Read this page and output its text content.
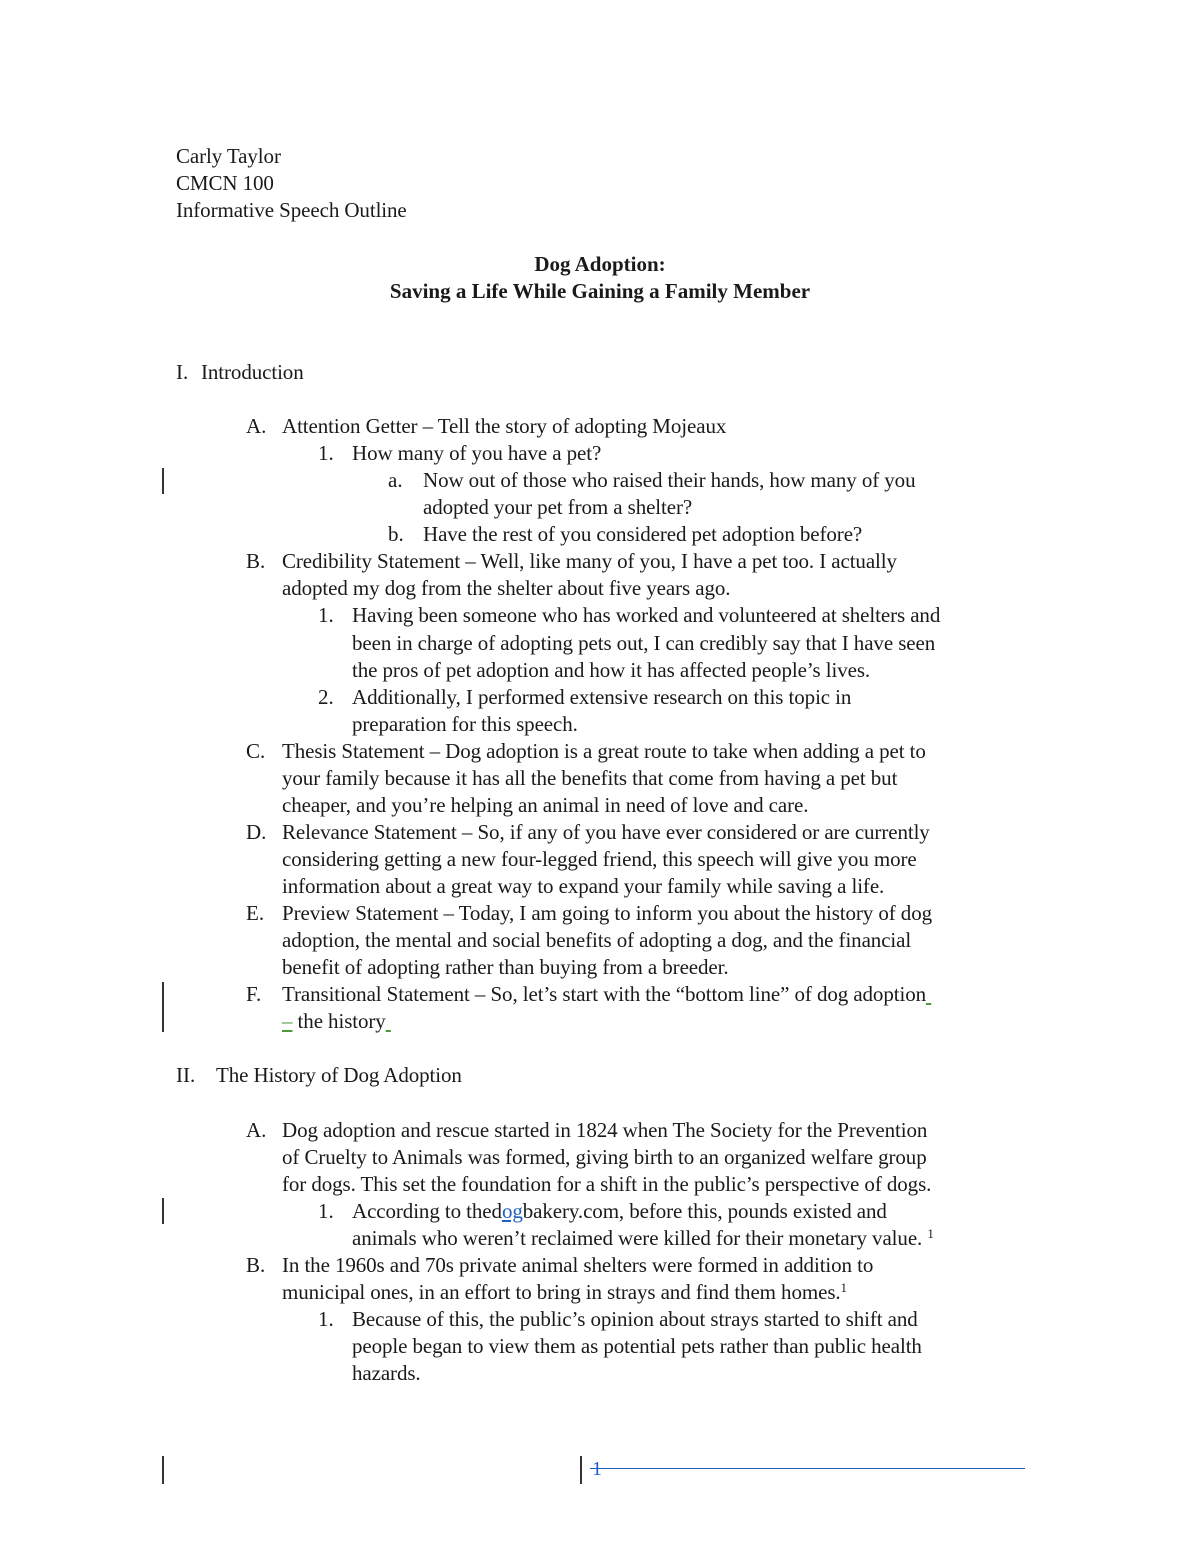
Carly Taylor
CMCN 100
Informative Speech Outline
Dog Adoption:
Saving a Life While Gaining a Family Member
I. Introduction
A. Attention Getter – Tell the story of adopting Mojeaux
1. How many of you have a pet?
a. Now out of those who raised their hands, how many of you
adopted your pet from a shelter?
b. Have the rest of you considered pet adoption before?
B. Credibility Statement – Well, like many of you, I have a pet too. I actually
adopted my dog from the shelter about five years ago.
1. Having been someone who has worked and volunteered at shelters and
been in charge of adopting pets out, I can credibly say that I have seen
the pros of pet adoption and how it has affected people’s lives.
2. Additionally, I performed extensive research on this topic in
preparation for this speech.
C. Thesis Statement – Dog adoption is a great route to take when adding a pet to
your family because it has all the benefits that come from having a pet but
cheaper, and you’re helping an animal in need of love and care.
D. Relevance Statement – So, if any of you have ever considered or are currently
considering getting a new four-legged friend, this speech will give you more
information about a great way to expand your family while saving a life.
E. Preview Statement – Today, I am going to inform you about the history of dog
adoption, the mental and social benefits of adopting a dog, and the financial
benefit of adopting rather than buying from a breeder.
F. Transitional Statement – So, let’s start with the “bottom line” of dog adoption
– the history
II. The History of Dog Adoption
A. Dog adoption and rescue started in 1824 when The Society for the Prevention
of Cruelty to Animals was formed, giving birth to an organized welfare group
for dogs. This set the foundation for a shift in the public’s perspective of dogs.
1. According to thedogbakery.com, before this, pounds existed and
animals who weren’t reclaimed were killed for their monetary value. $^1$
B. In the 1960s and 70s private animal shelters were formed in addition to
municipal ones, in an effort to bring in strays and find them homes.$^1$
1. Because of this, the public’s opinion about strays started to shift and
people began to view them as potential pets rather than public health
hazards.
1
